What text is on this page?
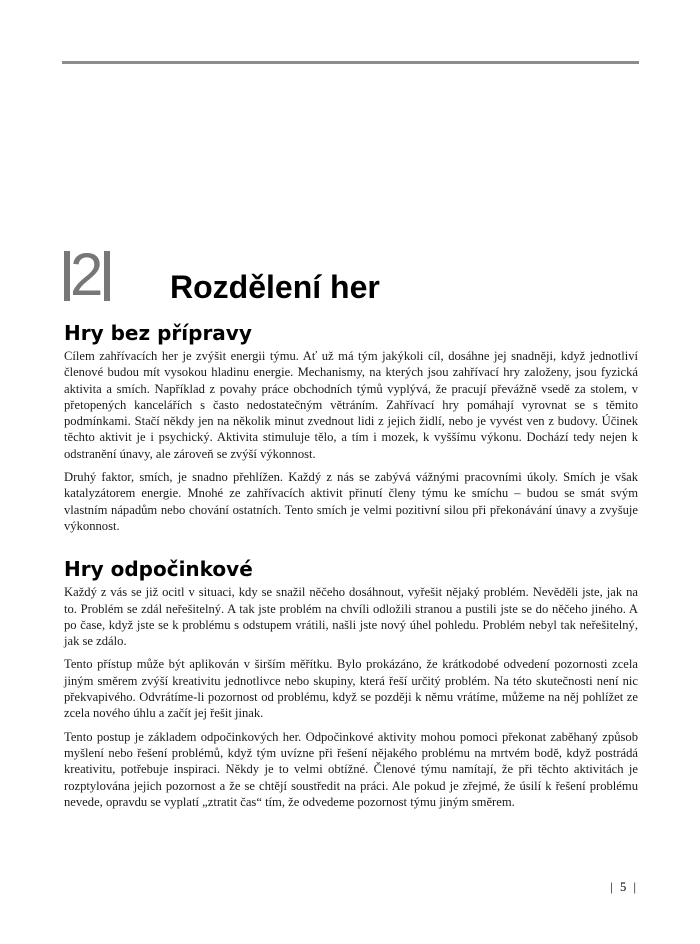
2 Rozdělení her
Hry bez přípravy

Cílem zahřívacích her je zvýšit energii týmu. Ať už má tým jakýkoli cíl, dosáhne jej snadněji, když jednotliví členové budou mít vysokou hladinu energie. Mechanismy, na kterých jsou zahřívací hry založeny, jsou fyzická aktivita a smích. Například z povahy práce obchodních týmů vyplývá, že pracují převážně vsedě za stolem, v přetopených kancelářích s často nedostatečným větráním. Zahřívací hry pomáhají vyrovnat se s těmito podmínkami. Stačí někdy jen na několik minut zvednout lidi z jejich židlí, nebo je vyvést ven z budovy. Účinek těchto aktivit je i psychický. Aktivita stimuluje tělo, a tím i mozek, k vyššímu výkonu. Dochází tedy nejen k odstranění únavy, ale zároveň se zvýší výkonnost.

Druhý faktor, smích, je snadno přehlížen. Každý z nás se zabývá vážnými pracovními úkoly. Smích je však katalyzátorem energie. Mnohé ze zahřívacích aktivit přinutí členy týmu ke smíchu – budou se smát svým vlastním nápadům nebo chování ostatních. Tento smích je velmi pozitivní silou při překonávání únavy a zvyšuje výkonnost.

Hry odpočinkové

Každý z vás se již ocitl v situaci, kdy se snažil něčeho dosáhnout, vyřešit nějaký problém. Nevěděli jste, jak na to. Problém se zdál neřešitelný. A tak jste problém na chvíli odložili stranou a pustili jste se do něčeho jiného. A po čase, když jste se k problému s odstupem vrátili, našli jste nový úhel pohledu. Problém nebyl tak neřešitelný, jak se zdálo.

Tento přístup může být aplikován v širším měřítku. Bylo prokázáno, že krátkodobé odvedení pozornosti zcela jiným směrem zvýší kreativitu jednotlivce nebo skupiny, která řeší určitý problém. Na této skutečnosti není nic překvapivého. Odvrátíme-li pozornost od problému, když se později k němu vrátíme, můžeme na něj pohlížet ze zcela nového úhlu a začít jej řešit jinak.

Tento postup je základem odpočinkových her. Odpočinkové aktivity mohou pomoci překonat zaběhaný způsob myšlení nebo řešení problémů, když tým uvízne při řešení nějakého problému na mrtvém bodě, když postrádá kreativitu, potřebuje inspiraci. Někdy je to velmi obtížné. Členové týmu namítají, že při těchto aktivitách je rozptylována jejich pozornost a že se chtějí soustředit na práci. Ale pokud je zřejmé, že úsilí k řešení problému nevede, opravdu se vyplatí „ztratit čas“ tím, že odvedeme pozornost týmu jiným směrem.

| 5 |
